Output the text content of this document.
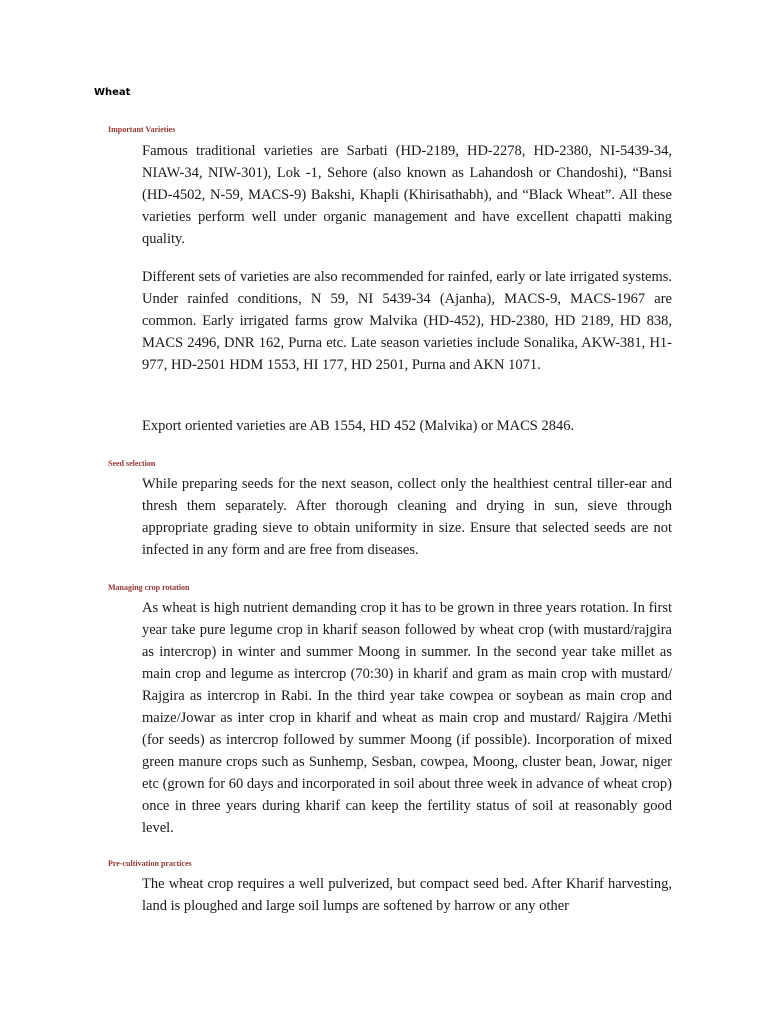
Wheat
Important Varieties

Famous traditional varieties are Sarbati (HD-2189, HD-2278, HD-2380, NI-5439-34, NIAW-34, NIW-301), Lok -1, Sehore (also known as Lahandosh or Chandoshi), “Bansi (HD-4502, N-59, MACS-9) Bakshi, Khapli (Khirisathabh), and “Black Wheat”. All these varieties perform well under organic management and have excellent chapatti making quality.

Different sets of varieties are also recommended for rainfed, early or late irrigated systems. Under rainfed conditions, N 59, NI 5439-34 (Ajanha), MACS-9, MACS-1967 are common. Early irrigated farms grow Malvika (HD-452), HD-2380, HD 2189, HD 838, MACS 2496, DNR 162, Purna etc. Late season varieties include Sonalika, AKW-381, H1-977, HD-2501 HDM 1553, HI 177, HD 2501, Purna and AKN 1071.

Export oriented varieties are AB 1554, HD 452 (Malvika) or MACS 2846.

Seed selection

While preparing seeds for the next season, collect only the healthiest central tiller-ear and thresh them separately. After thorough cleaning and drying in sun, sieve through appropriate grading sieve to obtain uniformity in size. Ensure that selected seeds are not infected in any form and are free from diseases.

Managing crop rotation

As wheat is high nutrient demanding crop it has to be grown in three years rotation. In first year take pure legume crop in kharif season followed by wheat crop (with mustard/rajgira as intercrop) in winter and summer Moong in summer. In the second year take millet as main crop and legume as intercrop (70:30) in kharif and gram as main crop with mustard/ Rajgira as intercrop in Rabi. In the third year take cowpea or soybean as main crop and maize/Jowar as inter crop in kharif and wheat as main crop and mustard/ Rajgira /Methi (for seeds) as intercrop followed by summer Moong (if possible). Incorporation of mixed green manure crops such as Sunhemp, Sesban, cowpea, Moong, cluster bean, Jowar, niger etc (grown for 60 days and incorporated in soil about three week in advance of wheat crop) once in three years during kharif can keep the fertility status of soil at reasonably good level.

Pre-cultivation practices

The wheat crop requires a well pulverized, but compact seed bed. After Kharif harvesting, land is ploughed and large soil lumps are softened by harrow or any other
